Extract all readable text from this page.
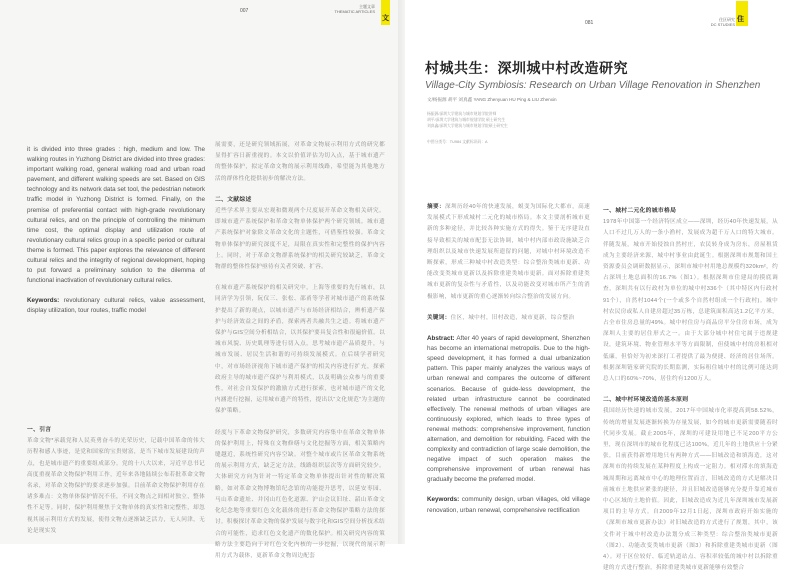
007
主题文章
THEMATIC ARTICLES
文

it is divided into three grades : high, medium and low. The walking routes in Yuzhong District are divided into three grades: important walking road, general walking road and urban road pavement, and different walking speeds are set. Based on GIS technology and its network data set tool, the pedestrian network traffic model in Yuzhong District is formed. Finally, on the premise of preferential contact with high-grade revolutionary cultural relics, and on the principle of controlling the minimum time cost, the optimal display and utilization route of revolutionary cultural relics group in a specific period or cultural theme is formed. This paper explores the relevance of different cultural relics and the integrity of regional development, hoping to put forward a preliminary solution to the dilemma of functional inactivation of revolutionary cultural relics.

Keywords: revolutionary cultural relics, value assessment, display utilization, tour routes, traffic model

一、引言

革命文物*承载党和人民英勇奋斗的光荣历史，记载中国革命的伟大历程和感人事迹，是党和国家的宝贵财富，是当下城市发展建设的声点，也是城市遗产的重要组成部分。党的十八大以来，习近平总书记高度重视革命文物保护利用工作，近年来各地陆续公布若批革命文物名录，对革命文物保护的要求逐步加强。目前革命文物保护利用存在诸多难点：文物单体保护情况不佳，不同文物点之间相对独立，整体性不足等。同时，保护利用聚焦于文物单体的真实性和完整性，却忽视其展示利用方式的发展，使得文物点逐渐缺乏活力，无人问津，无论是现实发

展需要，还是研究领域拓展，对革命文物展示利用方式的研究都显得扩容日新重视的。本文以价值评估为切入点，基于城市遗产的整体保护，拟定革命文物的展示利用线路，希望能为其他地方活的群体性化提供初步的解决方法。

二、文献综述

近些学术界主要从宏观和微观两个尺度展开革命文物相关研究。即城市遗产系统保护和革命文物单体保护两个研究领域。城市遗产系统保护对象除文革命文化的主题性，可借鉴性较强。革命文物单体保护的研究深度不足，局限在真实性和完整性的保护内容上。同时，对于革命文物群系统保护的相关研究较缺乏，革命文物群的整体性保护亟待有关者突破、扩容。

在城市遗产系统保护的相关研究中，上海等重要的先行城市，以同济学为引领，阮仪三、张松、邵甬等学者对城市遗产的系统保护提出了新的观点，以城市遗产与市场经济相结合，辨析遗产保护与经济效益之间的矛盾，探索两者共融共生之道。将城市遗产保护与GIS空间分析相结合，以其保护要具复合性和很遍价值。以城市风貌、历史肌理等进行切入点，思考城市遗产品质提升，与城市发展、居民生活和谐的可持续发展模式。在后续学者研究中，对市场经济视角下城市遗产保护的相关内容进行扩充，探索政府主导的城市遗产保护与利用模式，以及明确公众参与的重要性，对社会自发保护的激励方式进行探索，也对城市遗产的文化内涵进行挖掘，运用城市遗产的特性，提出以“文化规范”为主题的保护策略。

经度与下革命文物保护研究，多数研究内容集中在革命文物单体的保护利用上，特殊在文物修缮与文化挖掘等方面，相关策略内缝越近，系统性研究内容空缺。对整个城市或片区革命文物系统的展示利用方式，缺乏定方法，线路组织层次等方面研究较少。大体研究方向为针对一特定革命文物单体提出针对性的解决策略，如对革命文物博物馆纪念馆的功能提升思考，以延安枣园、马山革命遗址、井冈山红色化道源、沪山会议旧址、韶山革命文化纪念地等重要红色文化载体的进行革命文物保护策略方法的探讨。积极探讨革命文物的保护发展与数字化和GIS空间分析技术结合的可能性，追求红色文化遗产的数化保护。相关研究内容的策略方法主要趋向于对红色文化内核的一步挖掘，以现代的展示利用方式为载体，更新革命文物周边配套

081
住区研究
DC STUDIES
住
村城共生：深圳城中村改造研究
Village-City Symbiosis: Research on Urban Village Renovation in Shenzhen
文/杨振源 胡平 刘真鑫 YANG Zhenyuan HU Ping & LIU Zhenxin
杨振源/深圳大学建筑与城市规划学院讲师
胡平/深圳大学建筑与城市规划学院 硕士研究生
刘真鑫/深圳大学建筑与城市规划学院硕士研究生
中图分类号：TU984 文献标识码：A

摘要：深圳历经40年的快速发展，蜕变为国际化大都市，高速发展模式下形成城村二元化的城市格局。本文主要剖析城市更新的多种途径，并比较各种实施方式的得失。鉴于无序建设直接导致相关的城市配套无法协调，城中村内部市政设施缺乏合理组织以及城市快速发展所遗留的问题，对城中村环境改造不断探索，形成三种城中村改造类型：综合整治类城市更新、功能改变类城市更新以及拆除重建类城市更新。面对拆除重建类城市更新的复杂性与矛盾性，以及功能改变对城市所产生的消极影响，城市更新的重心逐渐转向综合整治的发展方向。

关键词：住区，城中村，旧村改造，城市更新，综合整治

Abstract: After 40 years of rapid development, Shenzhen has become an international metropolis. Due to the high-speed development, it has formed a dual urbanization pattern. This paper mainly analyzes the various ways of urban renewal and compares the outcome of different scenarios. Because of guide-less development, the related urban infrastructure cannot be coordinated effectively. The renewal methods of urban villages are continuously explored, which leads to three types of renewal methods: comprehensive improvement, function alternation, and demolition for rebuilding. Faced with the complexity and contradiction of large scale demolition, the negative impact of such operation makes the comprehensive improvement of urban renewal has gradually become the preferred model.

Keywords: community design, urban villages, old village renovation, urban renewal, comprehensive rectification

一、城村二元化的城市格局

1978年中国第一个经济特区成立——深圳，经历40年快速发展，从人口不过几万人的一条小渔村，发展成为超千万人口的特大城市。伴随发展，城市开始侵蚀自然村庄，农民转身成为房东，房屋租赁成为主要经济来源，城中村事业由此诞生。根据深圳市规划和国土资源委员会调研数据显示，深圳市城中村用地总规模约320km²，约占深圳土地总面积的16.7%（图1）。根据深圳市住建局的摸底调查，深圳共有以行政村为单位的城中村336个（其中特区内行政村91个），自然村1044个(一个或多个自然村组成一个行政村)。城中村农民房或私人自建房超过35万栋，总建筑面积高达1.2亿平方米，占全市住房总量的49%。城中村住房与商品房平分住房市场，成为深圳人主要的居住形式之一。由于大部分城中村住宅属于违规建设，建筑环境、物业管理水平等方面限制，但使城中村的房租相对低廉，但恰好为初来深打工者提供了最为便捷、经济的居住场所。根据深圳链家研究院的长期监测，实际租住城中村的比例可能达到总人口的60%~70%，居住约有1200万人。

二、城中村环境改造的基本原则

我国经历快速的城市发展，2017年中国城市化率提高到58.52%，传统的增量发展逐渐转换为存量发展，如今的城市更新需要随着时代同步发展。截止2005年，深圳的可建设用地已不足200平方公里，现在深圳市的城市化程度已达100%，近几年的土地供应十分紧张，目前获得新增用地只有两种方式——旧城改造和填海造，这对深圳市的持续发展在某种程度上构成一定阻力。相对滞水的填海造城周期和远离城市中心的地理位置而言，旧城改造的方式是解决目前城市土地供应紧张的捷径，并且旧城改造能够充分提升靠近城市中心区域的土地价值。因此，旧城改造成为近几年深圳城市发展新项目的主导方式。自2009年12月1日起，深圳市政府开始实施的《深圳市城市更新办法》对旧城改造的方式进行了规划，其中，该文件对于城中村改造办法划分成三种类型：综合整治类城市更新（图2）、功能改变类城市更新（图3）和拆除重建类城市更新（图4）。对于区位较好、临近轨道站点、容积率较低的城中村以拆除重建的方式进行整治，拆除重建类城市更新能够有效整合
